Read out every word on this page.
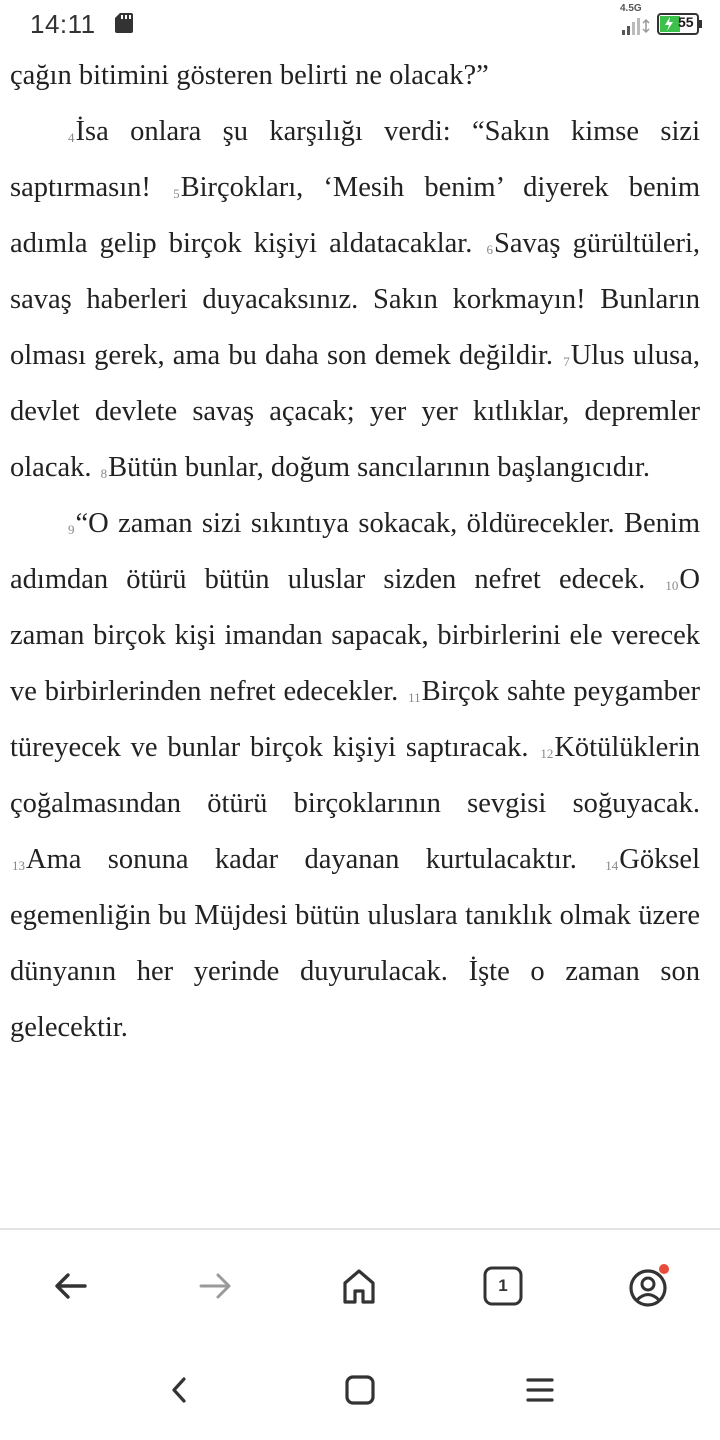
14:11
4.5G
55

çağın bitimini gösteren belirti ne olacak?”

$^4$İsa onlara şu karşılığı verdi: “Sakın kimse sizi saptırmasın! $^5$Birçokları, ‘Mesih benim’ diyerek benim adımla gelip birçok kişiyi aldatacaklar. $^6$Savaş gürültüleri, savaş haberleri duyacaksınız. Sakın korkmayın! Bunların olması gerek, ama bu daha son demek değildir. $^7$Ulus ulusa, devlet devlete savaş açacak; yer yer kıtlıklar, depremler olacak. $^8$Bütün bunlar, doğum sancılarının başlangıcıdır.

$^9$“O zaman sizi sıkıntıya sokacak, öldürecekler. Benim adımdan ötürü bütün uluslar sizden nefret edecek. $^{10}$O zaman birçok kişi imandan sapacak, birbirlerini ele verecek ve birbirlerinden nefret edecekler. $^{11}$Birçok sahte peygamber türeyecek ve bunlar birçok kişiyi saptıracak. $^{12}$Kötülüklerin çoğalmasından ötürü birçoklarının sevgisi soğuyacak. $^{13}$Ama sonuna kadar dayanan kurtulacaktır. $^{14}$Göksel egemenliğin bu Müjdesi bütün uluslara tanıklık olmak üzere dünyanın her yerinde duyurulacak. İşte o zaman son gelecektir.

1
